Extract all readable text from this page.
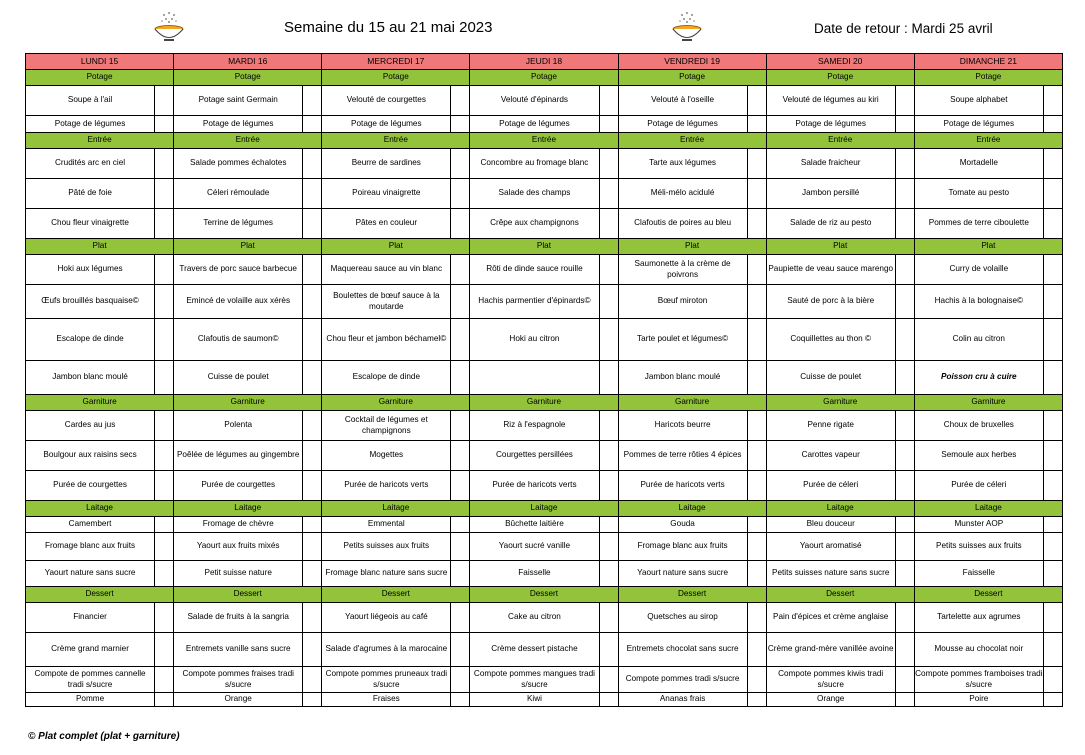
Semaine du 15 au 21 mai 2023	Date de retour : Mardi 25 avril
LUNDI 15		MARDI 16		MERCREDI 17		JEUDI 18		VENDREDI 19		SAMEDI 20		DIMANCHE 21	
Potage		Potage		Potage		Potage		Potage		Potage		Potage	
Soupe à l'ail		Potage saint Germain		Velouté de courgettes		Velouté d'épinards		Velouté à l'oseille		Velouté de légumes au kiri		Soupe alphabet	
Potage de légumes		Potage de légumes		Potage de légumes		Potage de légumes		Potage de légumes		Potage de légumes		Potage de légumes	
Entrée		Entrée		Entrée		Entrée		Entrée		Entrée		Entrée	
Crudités arc en ciel		Salade pommes échalotes		Beurre de sardines		Concombre au fromage blanc		Tarte aux légumes		Salade fraicheur		Mortadelle	
Pâté de foie		Céleri rémoulade		Poireau vinaigrette		Salade des champs		Méli-mélo acidulé		Jambon persillé		Tomate au pesto	
Chou fleur vinaigrette		Terrine de légumes		Pâtes en couleur		Crêpe aux champignons		Clafoutis de poires au bleu		Salade de riz au pesto		Pommes de terre ciboulette	
Plat		Plat		Plat		Plat		Plat		Plat		Plat	
Hoki aux légumes		Travers de porc sauce barbecue		Maquereau sauce au vin blanc		Rôti de dinde sauce rouille		Saumonette à la crème de poivrons		Paupiette de veau sauce marengo		Curry de volaille	
Œufs brouillés basquaise©		Emincé de volaille aux xérès		Boulettes de bœuf sauce à la moutarde		Hachis parmentier d'épinards©		Bœuf miroton		Sauté de porc à la bière		Hachis à la bolognaise©	
Escalope de dinde		Clafoutis de saumon©		Chou fleur et jambon béchamel©		Hoki au citron		Tarte poulet et légumes©		Coquillettes au thon ©		Colin au citron	
Jambon blanc moulé		Cuisse de poulet		Escalope de dinde				Jambon blanc moulé		Cuisse de poulet		Poisson cru à cuire	
Garniture		Garniture		Garniture		Garniture		Garniture		Garniture		Garniture	
Cardes au jus		Polenta		Cocktail de légumes et champignons		Riz à l'espagnole		Haricots beurre		Penne rigate		Choux de bruxelles	
Boulgour aux raisins secs		Poêlée de légumes au gingembre		Mogettes		Courgettes persillées		Pommes de terre rôties 4 épices		Carottes vapeur		Semoule aux herbes	
Purée de courgettes		Purée de courgettes		Purée de haricots verts		Purée de haricots verts		Purée de haricots verts		Purée de céleri		Purée de céleri	
Laitage		Laitage		Laitage		Laitage		Laitage		Laitage		Laitage	
Camembert		Fromage de chèvre		Emmental		Bûchette laitière		Gouda		Bleu douceur		Munster AOP	
Fromage blanc aux fruits		Yaourt aux fruits mixés		Petits suisses aux fruits		Yaourt sucré vanille		Fromage blanc aux fruits		Yaourt aromatisé		Petits suisses aux fruits	
Yaourt nature sans sucre		Petit suisse nature		Fromage blanc nature sans sucre		Faisselle		Yaourt nature sans sucre		Petits suisses nature sans sucre		Faisselle	
Dessert		Dessert		Dessert		Dessert		Dessert		Dessert		Dessert	
Financier		Salade de fruits à la sangria		Yaourt liégeois au café		Cake au citron		Quetsches au sirop		Pain d'épices et crème anglaise		Tartelette aux agrumes	
Crème grand marnier		Entremets vanille sans sucre		Salade d'agrumes à la marocaine		Crème dessert pistache		Entremets chocolat sans sucre		Crème grand-mère vanillée avoine		Mousse au chocolat noir	
Compote de pommes cannelle tradi s/sucre		Compote pommes fraises tradi s/sucre		Compote pommes pruneaux tradi s/sucre		Compote pommes mangues tradi s/sucre		Compote pommes tradi s/sucre		Compote pommes kiwis tradi s/sucre		Compote pommes framboises tradi s/sucre	
Pomme		Orange		Fraises		Kiwi		Ananas frais		Orange		Poire	
© Plat complet (plat + garniture)
